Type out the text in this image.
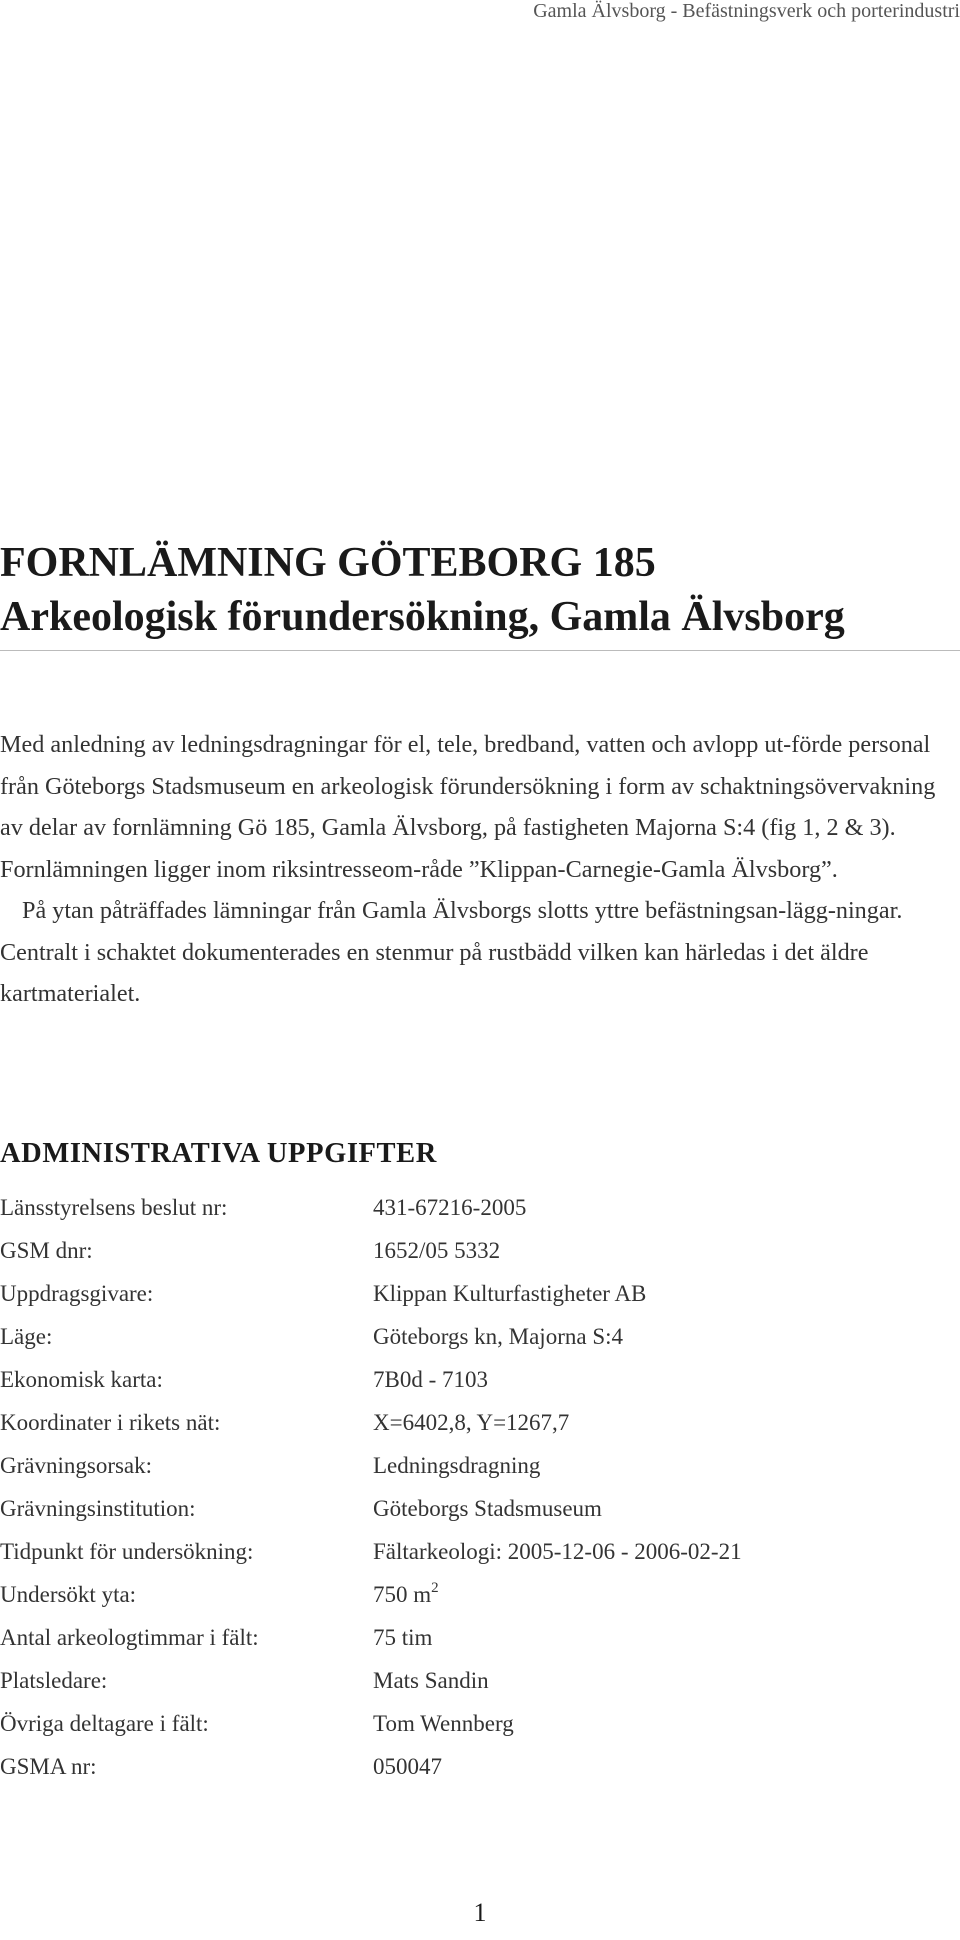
Gamla Älvsborg - Befästningsverk och porterindustri
FORNLÄMNING GÖTEBORG 185
Arkeologisk förundersökning, Gamla Älvsborg

Med anledning av ledningsdragningar för el, tele, bredband, vatten och avlopp ut-förde personal från Göteborgs Stadsmuseum en arkeologisk förundersökning i form av schaktningsövervakning av delar av fornlämning Gö 185, Gamla Älvsborg, på fastigheten Majorna S:4 (fig 1, 2 & 3). Fornlämningen ligger inom riksintresseom-råde ”Klippan-Carnegie-Gamla Älvsborg”.

På ytan påträffades lämningar från Gamla Älvsborgs slotts yttre befästningsan-lägg-ningar. Centralt i schaktet dokumenterades en stenmur på rustbädd vilken kan härledas i det äldre kartmaterialet.

ADMINISTRATIVA UPPGIFTER
Länsstyrelsens beslut nr:	431-67216-2005
GSM dnr:	1652/05 5332
Uppdragsgivare:	Klippan Kulturfastigheter AB
Läge:	Göteborgs kn, Majorna S:4
Ekonomisk karta:	7B0d - 7103
Koordinater i rikets nät:	X=6402,8, Y=1267,7
Grävningsorsak:	Ledningsdragning
Grävningsinstitution:	Göteborgs Stadsmuseum
Tidpunkt för undersökning:	Fältarkeologi: 2005-12-06 - 2006-02-21
Undersökt yta:	750 $m^2$
Antal arkeologtimmar i fält:	75 tim
Platsledare:	Mats Sandin
Övriga deltagare i fält:	Tom Wennberg
GSMA nr:	050047
1
